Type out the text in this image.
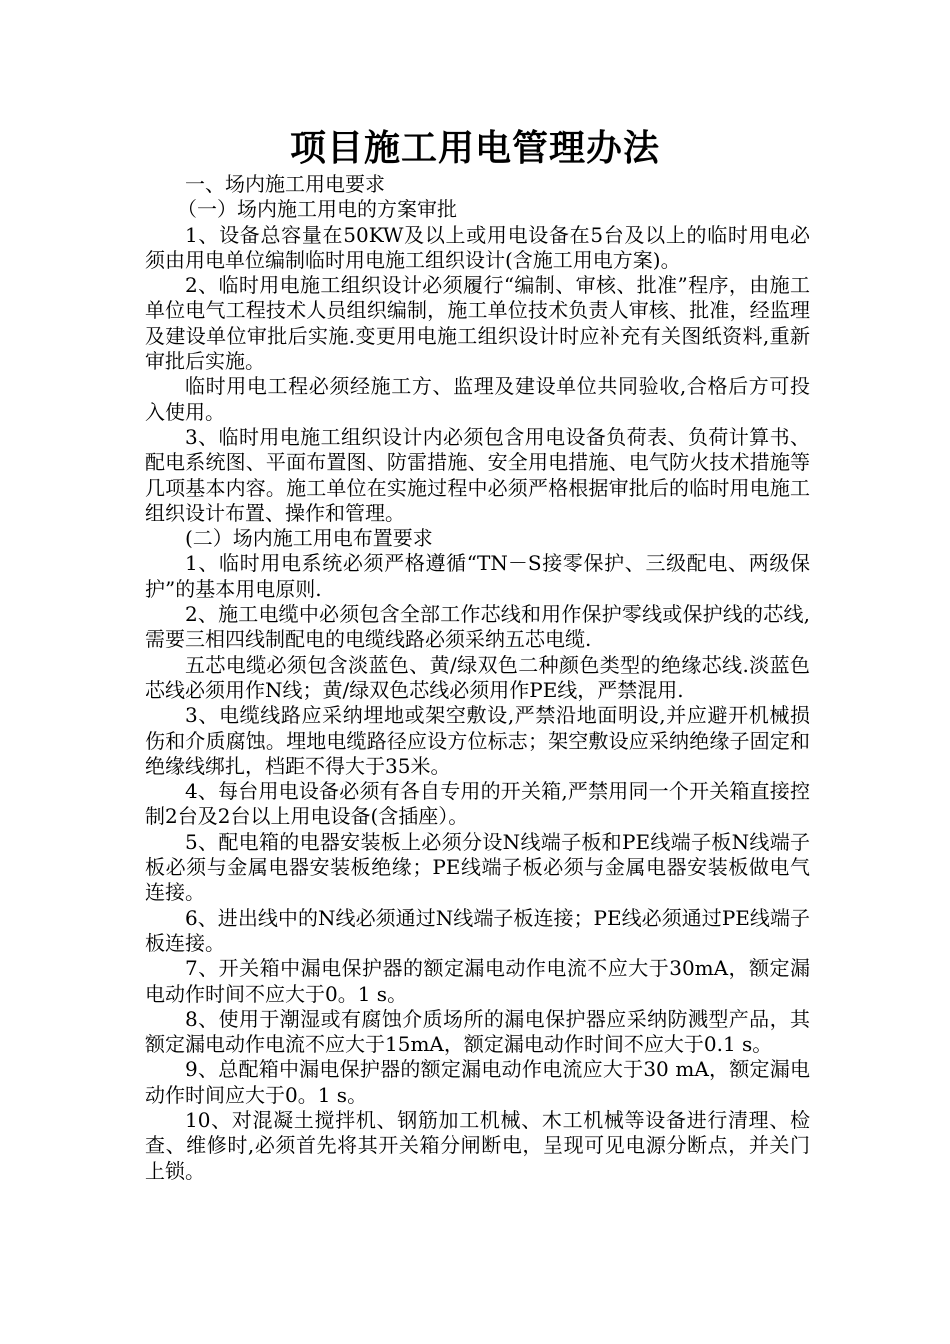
项目施工用电管理办法

一、场内施工用电要求

（一）场内施工用电的方案审批

1、设备总容量在50KW及以上或用电设备在5台及以上的临时用电必须由用电单位编制临时用电施工组织设计(含施工用电方案)。

2、临时用电施工组织设计必须履行“编制、审核、批准”程序，由施工单位电气工程技术人员组织编制，施工单位技术负责人审核、批准，经监理及建设单位审批后实施.变更用电施工组织设计时应补充有关图纸资料,重新审批后实施。

临时用电工程必须经施工方、监理及建设单位共同验收,合格后方可投入使用。

3、临时用电施工组织设计内必须包含用电设备负荷表、负荷计算书、配电系统图、平面布置图、防雷措施、安全用电措施、电气防火技术措施等几项基本内容。施工单位在实施过程中必须严格根据审批后的临时用电施工组织设计布置、操作和管理。

(二）场内施工用电布置要求

1、临时用电系统必须严格遵循“TN－S接零保护、三级配电、两级保护”的基本用电原则.

2、施工电缆中必须包含全部工作芯线和用作保护零线或保护线的芯线,需要三相四线制配电的电缆线路必须采纳五芯电缆.

五芯电缆必须包含淡蓝色、黄/绿双色二种颜色类型的绝缘芯线.淡蓝色芯线必须用作N线；黄/绿双色芯线必须用作PE线，严禁混用.

3、电缆线路应采纳埋地或架空敷设,严禁沿地面明设,并应避开机械损伤和介质腐蚀。埋地电缆路径应设方位标志；架空敷设应采纳绝缘子固定和绝缘线绑扎，档距不得大于35米。

4、每台用电设备必须有各自专用的开关箱,严禁用同一个开关箱直接控制2台及2台以上用电设备(含插座）。

5、配电箱的电器安装板上必须分设N线端子板和PE线端子板N线端子板必须与金属电器安装板绝缘；PE线端子板必须与金属电器安装板做电气连接。

6、进出线中的N线必须通过N线端子板连接；PE线必须通过PE线端子板连接。

7、开关箱中漏电保护器的额定漏电动作电流不应大于30mA，额定漏电动作时间不应大于0。1 s。

8、使用于潮湿或有腐蚀介质场所的漏电保护器应采纳防溅型产品，其额定漏电动作电流不应大于15mA，额定漏电动作时间不应大于0.1 s。

9、总配箱中漏电保护器的额定漏电动作电流应大于30 mA，额定漏电动作时间应大于0。1 s。

10、对混凝土搅拌机、钢筋加工机械、木工机械等设备进行清理、检查、维修时,必须首先将其开关箱分闸断电，呈现可见电源分断点，并关门上锁。
